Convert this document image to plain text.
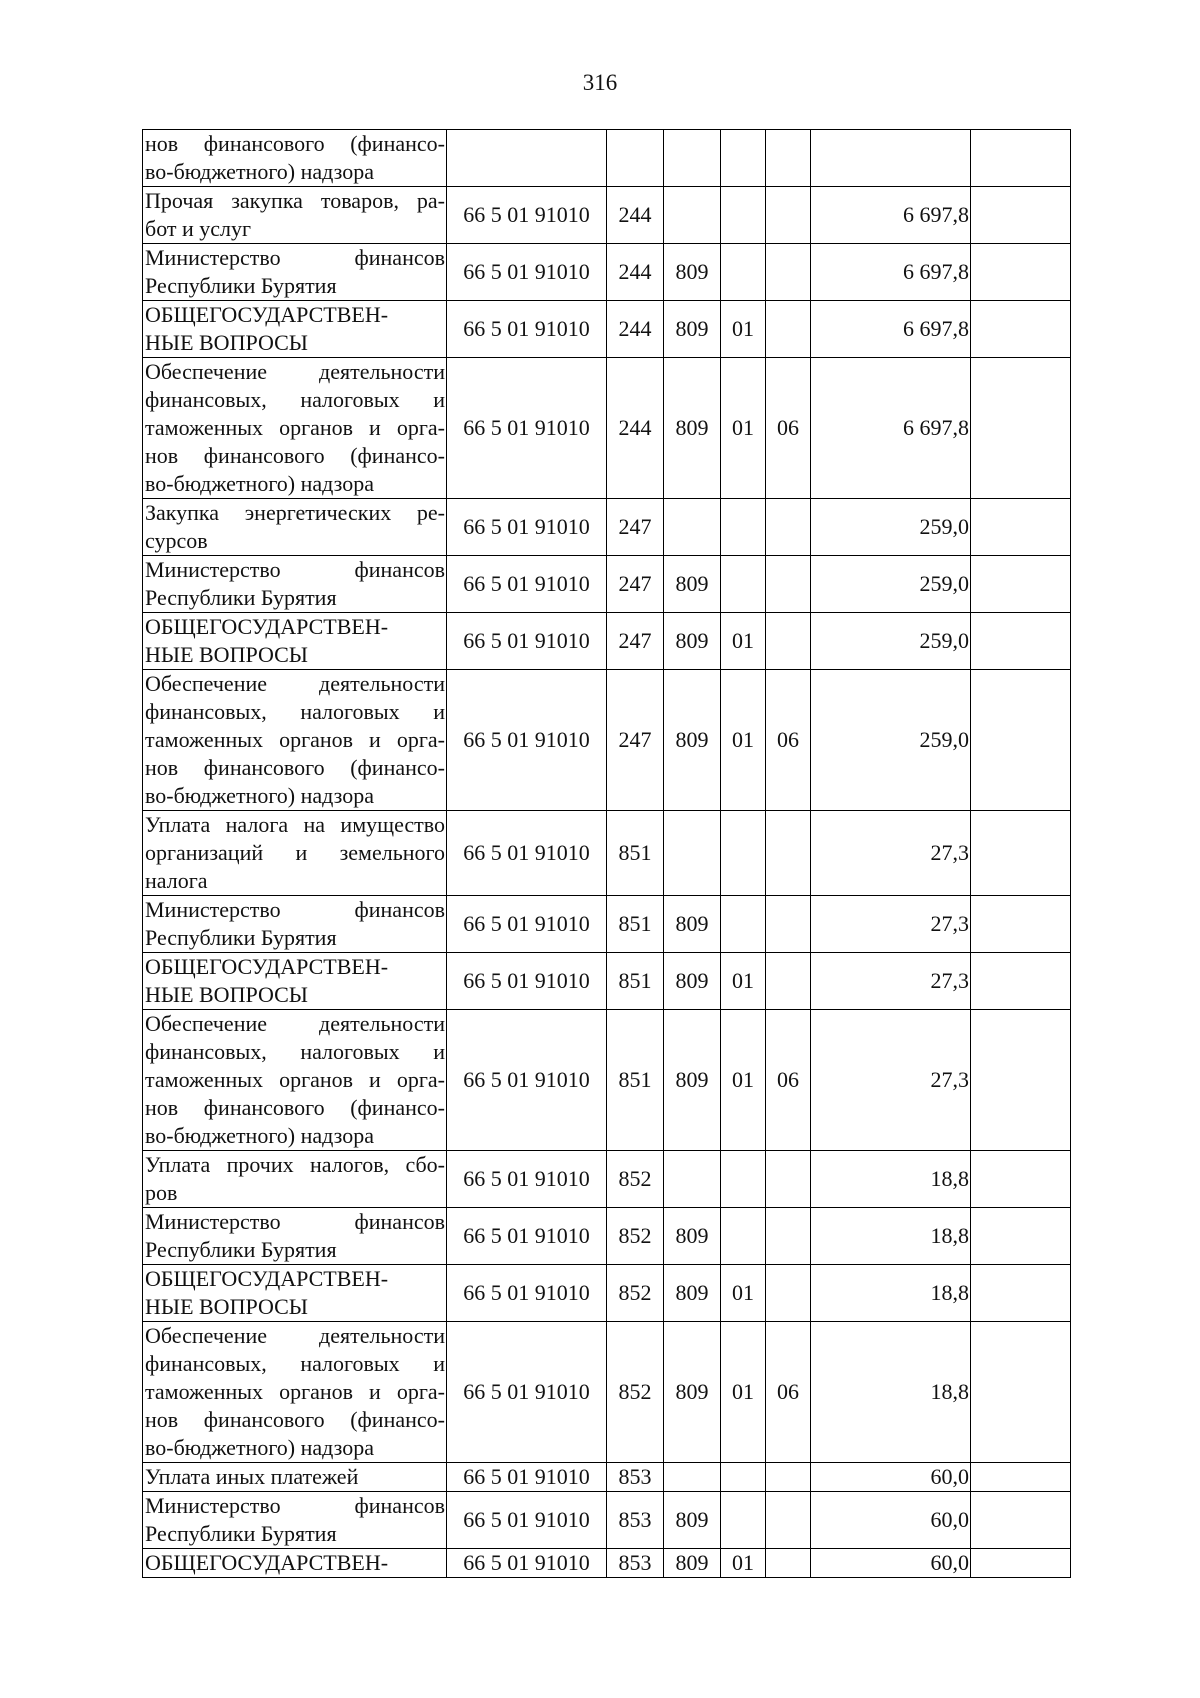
316
нов финансового (финансо-
во-бюджетного) надзора							

Прочая закупка товаров, ра-
бот и услуг	66 5 01 91010	244				6 697,8	

Министерство финансов
Республики Бурятия	66 5 01 91010	244	809			6 697,8	

ОБЩЕГОСУДАРСТВЕН-
НЫЕ ВОПРОСЫ	66 5 01 91010	244	809	01		6 697,8	

Обеспечение деятельности
финансовых, налоговых и
таможенных органов и орга-
нов финансового (финансо-
во-бюджетного) надзора	66 5 01 91010	244	809	01	06	6 697,8	

Закупка энергетических ре-
сурсов	66 5 01 91010	247				259,0	

Министерство финансов
Республики Бурятия	66 5 01 91010	247	809			259,0	

ОБЩЕГОСУДАРСТВЕН-
НЫЕ ВОПРОСЫ	66 5 01 91010	247	809	01		259,0	

Обеспечение деятельности
финансовых, налоговых и
таможенных органов и орга-
нов финансового (финансо-
во-бюджетного) надзора	66 5 01 91010	247	809	01	06	259,0	

Уплата налога на имущество
организаций и земельного
налога	66 5 01 91010	851				27,3	

Министерство финансов
Республики Бурятия	66 5 01 91010	851	809			27,3	

ОБЩЕГОСУДАРСТВЕН-
НЫЕ ВОПРОСЫ	66 5 01 91010	851	809	01		27,3	

Обеспечение деятельности
финансовых, налоговых и
таможенных органов и орга-
нов финансового (финансо-
во-бюджетного) надзора	66 5 01 91010	851	809	01	06	27,3	

Уплата прочих налогов, сбо-
ров	66 5 01 91010	852				18,8	

Министерство финансов
Республики Бурятия	66 5 01 91010	852	809			18,8	

ОБЩЕГОСУДАРСТВЕН-
НЫЕ ВОПРОСЫ	66 5 01 91010	852	809	01		18,8	

Обеспечение деятельности
финансовых, налоговых и
таможенных органов и орга-
нов финансового (финансо-
во-бюджетного) надзора	66 5 01 91010	852	809	01	06	18,8	

Уплата иных платежей	66 5 01 91010	853				60,0	

Министерство финансов
Республики Бурятия	66 5 01 91010	853	809			60,0	

ОБЩЕГОСУДАРСТВЕН-	66 5 01 91010	853	809	01		60,0	
